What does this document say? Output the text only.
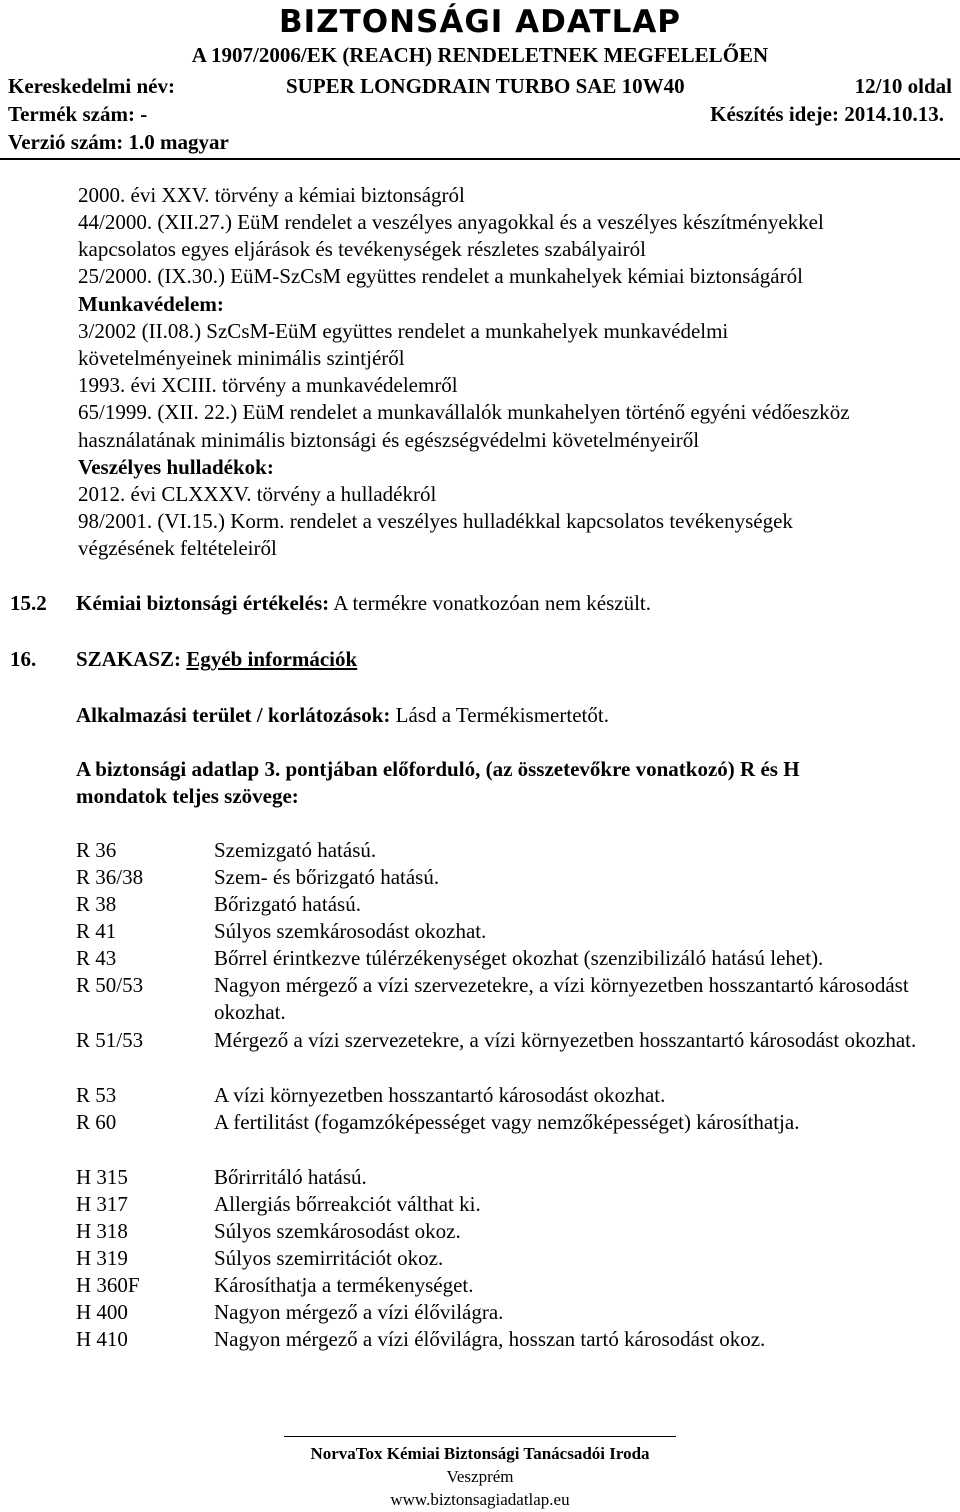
BIZTONSÁGI ADATLAP
A 1907/2006/EK (REACH) RENDELETNEK MEGFELELŐEN
Kereskedelmi név:	SUPER LONGDRAIN TURBO SAE 10W40	12/10 oldal
Termék szám: -	Készítés ideje: 2014.10.13.
Verzió szám: 1.0 magyar
2000. évi XXV. törvény a kémiai biztonságról
44/2000. (XII.27.) EüM rendelet a veszélyes anyagokkal és a veszélyes készítményekkel
kapcsolatos egyes eljárások és tevékenységek részletes szabályairól
25/2000. (IX.30.) EüM-SzCsM együttes rendelet a munkahelyek kémiai biztonságáról
Munkavédelem:
3/2002 (II.08.) SzCsM-EüM együttes rendelet a munkahelyek munkavédelmi
követelményeinek minimális szintjéről
1993. évi XCIII. törvény a munkavédelemről
65/1999. (XII. 22.) EüM rendelet a munkavállalók munkahelyen történő egyéni védőeszköz
használatának minimális biztonsági és egészségvédelmi követelményeiről
Veszélyes hulladékok:
2012. évi CLXXXV. törvény a hulladékról
98/2001. (VI.15.) Korm. rendelet a veszélyes hulladékkal kapcsolatos tevékenységek
végzésének feltételeiről
15.2 Kémiai biztonsági értékelés: A termékre vonatkozóan nem készült.
16. SZAKASZ: Egyéb információk
Alkalmazási terület / korlátozások: Lásd a Termékismertetőt.
A biztonsági adatlap 3. pontjában előforduló, (az összetevőkre vonatkozó) R és H
mondatok teljes szövege:
R 36	Szemizgató hatású.
R 36/38	Szem- és bőrizgató hatású.
R 38	Bőrizgató hatású.
R 41	Súlyos szemkárosodást okozhat.
R 43	Bőrrel érintkezve túlérzékenységet okozhat (szenzibilizáló hatású lehet).
R 50/53	Nagyon mérgező a vízi szervezetekre, a vízi környezetben hosszantartó károsodást okozhat.
R 51/53	Mérgező a vízi szervezetekre, a vízi környezetben hosszantartó károsodást okozhat.
R 53	A vízi környezetben hosszantartó károsodást okozhat.
R 60	A fertilitást (fogamzóképességet vagy nemzőképességet) károsíthatja.
H 315	Bőrirritáló hatású.
H 317	Allergiás bőrreakciót válthat ki.
H 318	Súlyos szemkárosodást okoz.
H 319	Súlyos szemirritációt okoz.
H 360F	Károsíthatja a termékenységet.
H 400	Nagyon mérgező a vízi élővilágra.
H 410	Nagyon mérgező a vízi élővilágra, hosszan tartó károsodást okoz.
NorvaTox Kémiai Biztonsági Tanácsadói Iroda
Veszprém
www.biztonsagiadatlap.eu
